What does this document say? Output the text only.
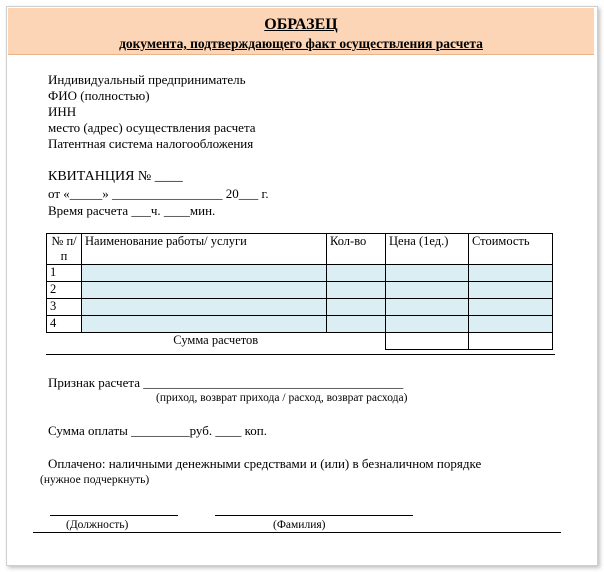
ОБРАЗЕЦ
документа, подтверждающего факт осуществления расчета
Индивидуальный предприниматель
ФИО (полностью)
ИНН
место (адрес) осуществления расчета
Патентная система налогообложения
КВИТАНЦИЯ № ____
от «_____» _________________ 20___ г.
Время расчета ___ч. ____мин.
№ п/п	Наименование работы/ услуги	Кол-во	Цена (1ед.)	Стоимость
1				
2				
3				
4				
Сумма расчетов				
Признак расчета ________________________________________
(приход, возврат прихода / расход, возврат расхода)
Сумма оплаты _________руб. ____ коп.
Оплачено: наличными денежными средствами и (или) в безналичном порядке
(нужное подчеркнуть)
(Должность)	(Фамилия)
